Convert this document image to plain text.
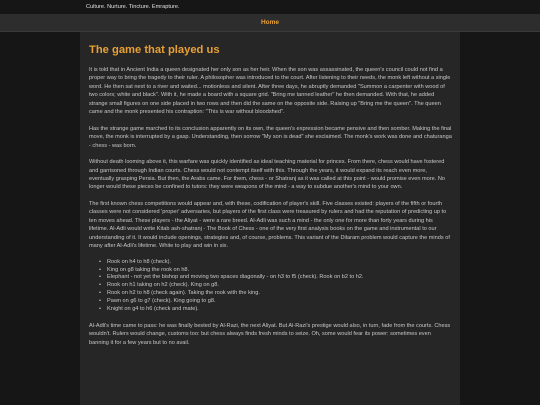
Culture. Nurture. Tincture. Emrapture.
Home
The game that played us

It is told that in Ancient India a queen designated her only son as her heir. When the son was assassinated, the queen's council could not find a proper way to bring the tragedy to their ruler. A philosopher was introduced to the court. After listening to their needs, the monk left without a single word. He then sat next to a river and waited... motionless and silent. After three days, he abruptly demanded "Summon a carpenter with wood of two colors; white and black". With it, he made a board with a square grid. "Bring me tanned leather" he then demanded. With that, he added strange small figures on one side placed in two rows and then did the same on the opposite side. Raising up "Bring me the queen". The queen came and the monk presented his contraption: "This is war without bloodshed".

Has the strange game marched to its conclusion apparently on its own, the queen's expression became pensive and then somber. Making the final move, the monk is interrupted by a gasp. Understanding, then sorrow "My son is dead" she exclaimed. The monk's work was done and chaturanga - chess - was born.

Without death looming above it, this warfare was quickly identified as ideal teaching material for princes. From there, chess would have fostered and garrisoned through Indian courts. Chess would not contempt itself with this. Through the years, it would expand its reach even more, eventually grasping Persia. But then, the Arabs came. For them, chess - or Shatranj as it was called at this point - would promise even more. No longer would these pieces be confined to tutors: they were weapons of the mind - a way to subdue another's mind to your own.

The first known chess competitions would appear and, with these, codification of player's skill. Five classes existed: players of the fifth or fourth classes were not considered 'proper' adversaries, but players of the first class were treasured by rulers and had the reputation of predicting up to ten moves ahead. These players - the Aliyat - were a rare breed. Al-Adli was such a mind - the only one for more than forty years during his lifetime. Al-Adli would write Kitab ash-shatranj - The Book of Chess - one of the very first analysis books on the game and instrumental to our understanding of it. It would include openings, strategies and, of course, problems. This variant of the Dilaram problem would capture the minds of many after Al-Adli's lifetime. White to play and win in six.

• Rook on h4 to h8 (check).
• King on g8 taking the rook on h8.
• Elephant - not yet the bishop and moving two spaces diagonally - on h3 to f5 (check). Rook on b2 to h2.
• Rook on h1 taking on h2 (check). King on g8.
• Rook on h2 to h8 (check again). Taking the rook with the king.
• Pawn on g6 to g7 (check). King going to g8.
• Knight on g4 to h6 (check and mate).

Al-Adli's time came to pass: he was finally bested by Al-Razi, the next Aliyat. But Al-Razi's prestige would also, in turn, fade from the courts. Chess wouldn't. Rulers would change, customs too: but chess always finds fresh minds to seize. Oh, some would fear its power: sometimes even banning it for a few years but to no avail.
